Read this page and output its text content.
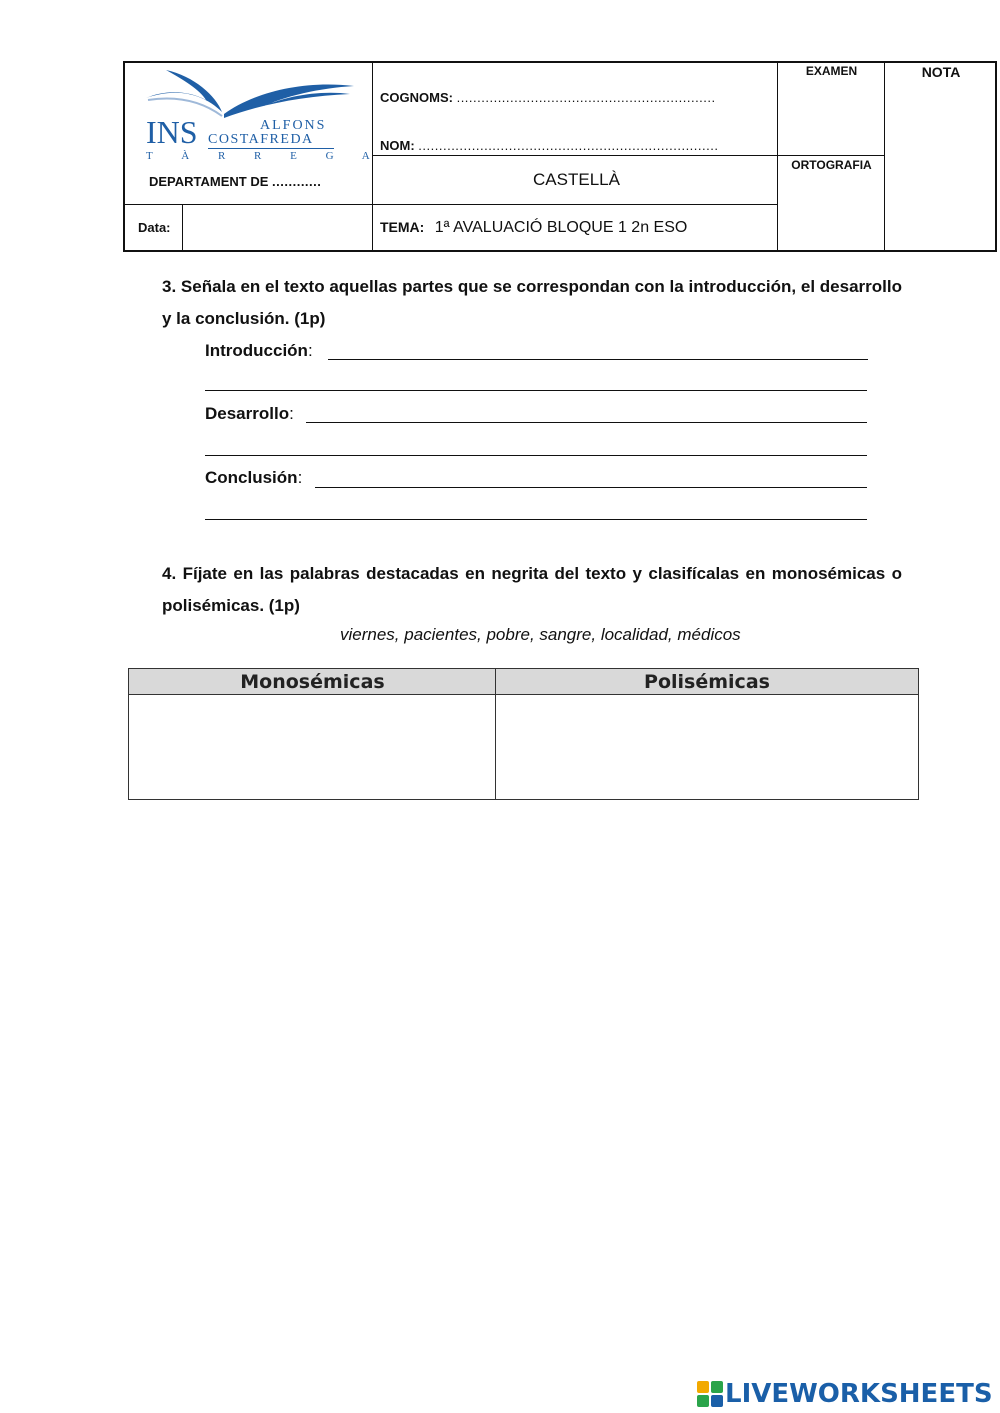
INS	ALFONS
COSTAFREDA
T À R R E G A
DEPARTAMENT DE ............
COGNOMS: ...............................................................
NOM: .........................................................................
CASTELLÀ
EXAMEN
ORTOGRAFIA
NOTA
Data:	TEMA: 1ª AVALUACIÓ BLOQUE 1 2n ESO
3. Señala en el texto aquellas partes que se correspondan con la introducción, el desarrollo y la conclusión. (1p)
Introducción:
Desarrollo:
Conclusión:
4. Fíjate en las palabras destacadas en negrita del texto y clasifícalas en monosémicas o polisémicas. (1p)
viernes, pacientes, pobre, sangre, localidad, médicos
Monosémicas	Polisémicas
LIVEWORKSHEETS
